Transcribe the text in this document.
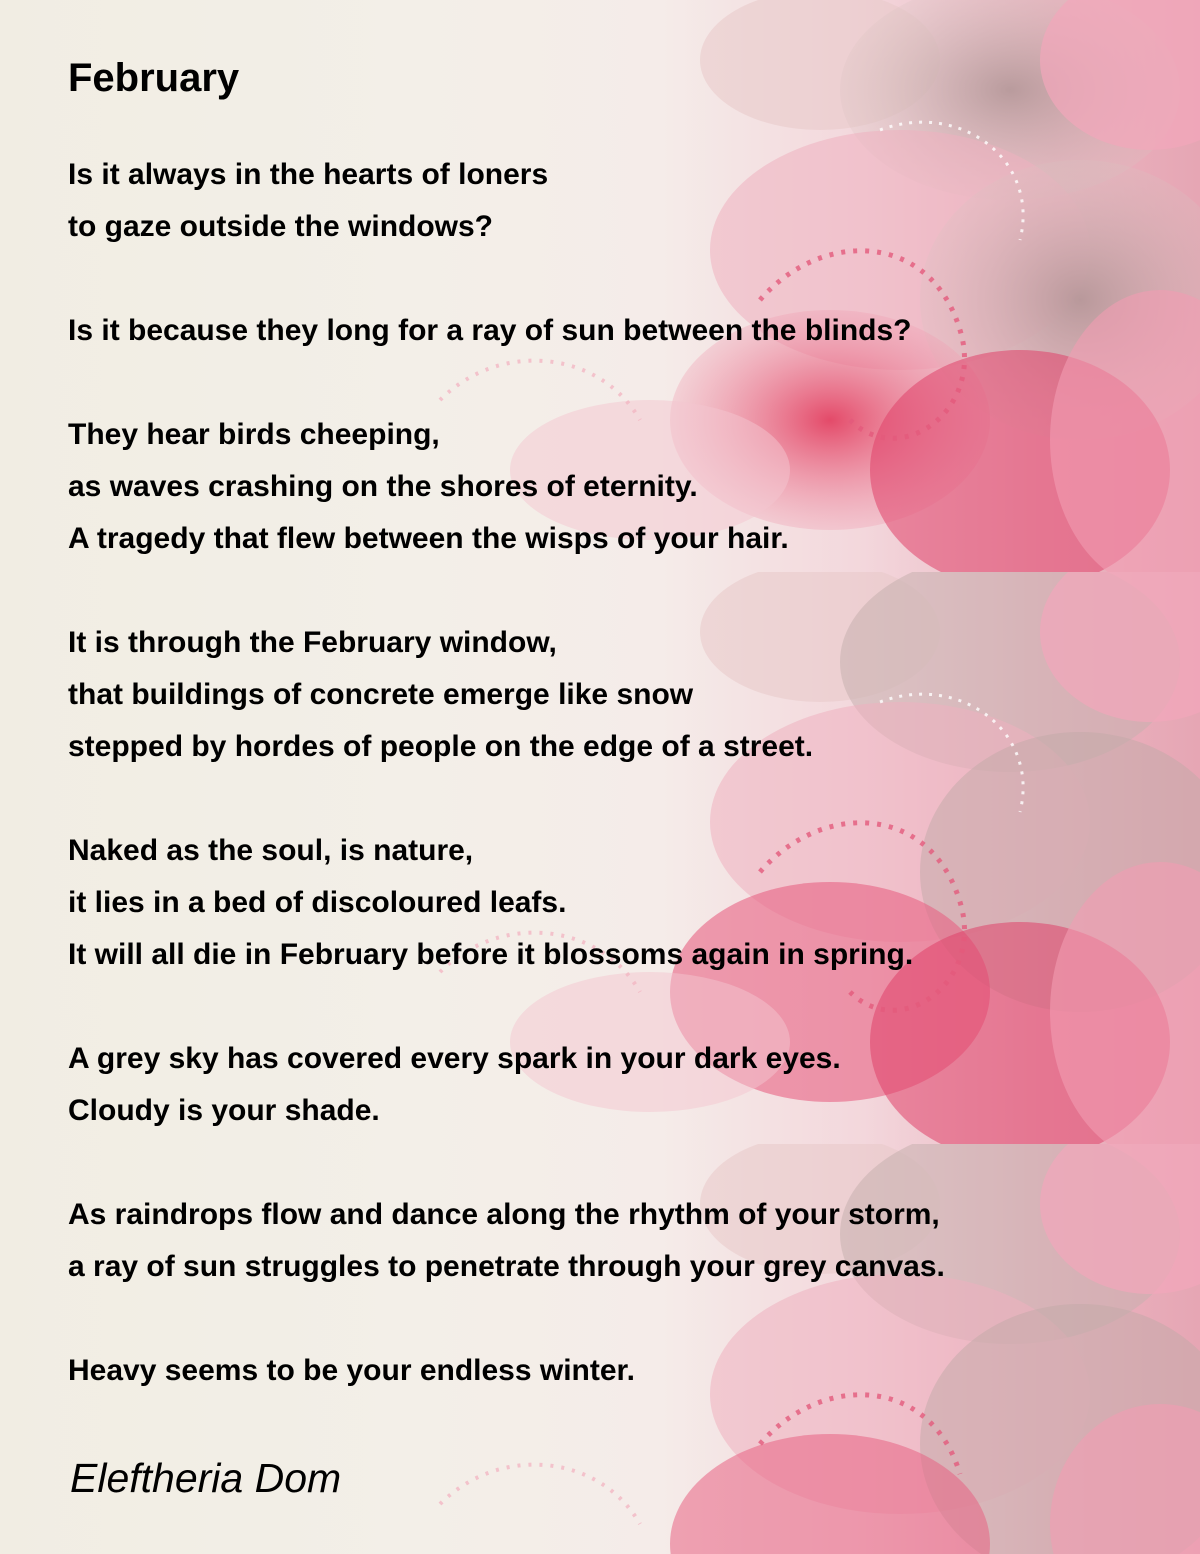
February
Is it always in the hearts of loners
to gaze outside the windows?
Is it because they long for a ray of sun between the blinds?
They hear birds cheeping,
as waves crashing on the shores of eternity.
A tragedy that flew between the wisps of your hair.
It is through the February window,
that buildings of concrete emerge like snow
stepped by hordes of people on the edge of a street.
Naked as the soul, is nature,
it lies in a bed of discoloured leafs.
It will all die in February before it blossoms again in spring.
A grey sky has covered every spark in your dark eyes.
Cloudy is your shade.
As raindrops flow and dance along the rhythm of your storm,
a ray of sun struggles to penetrate through your grey canvas.
Heavy seems to be your endless winter.
Eleftheria Dom
